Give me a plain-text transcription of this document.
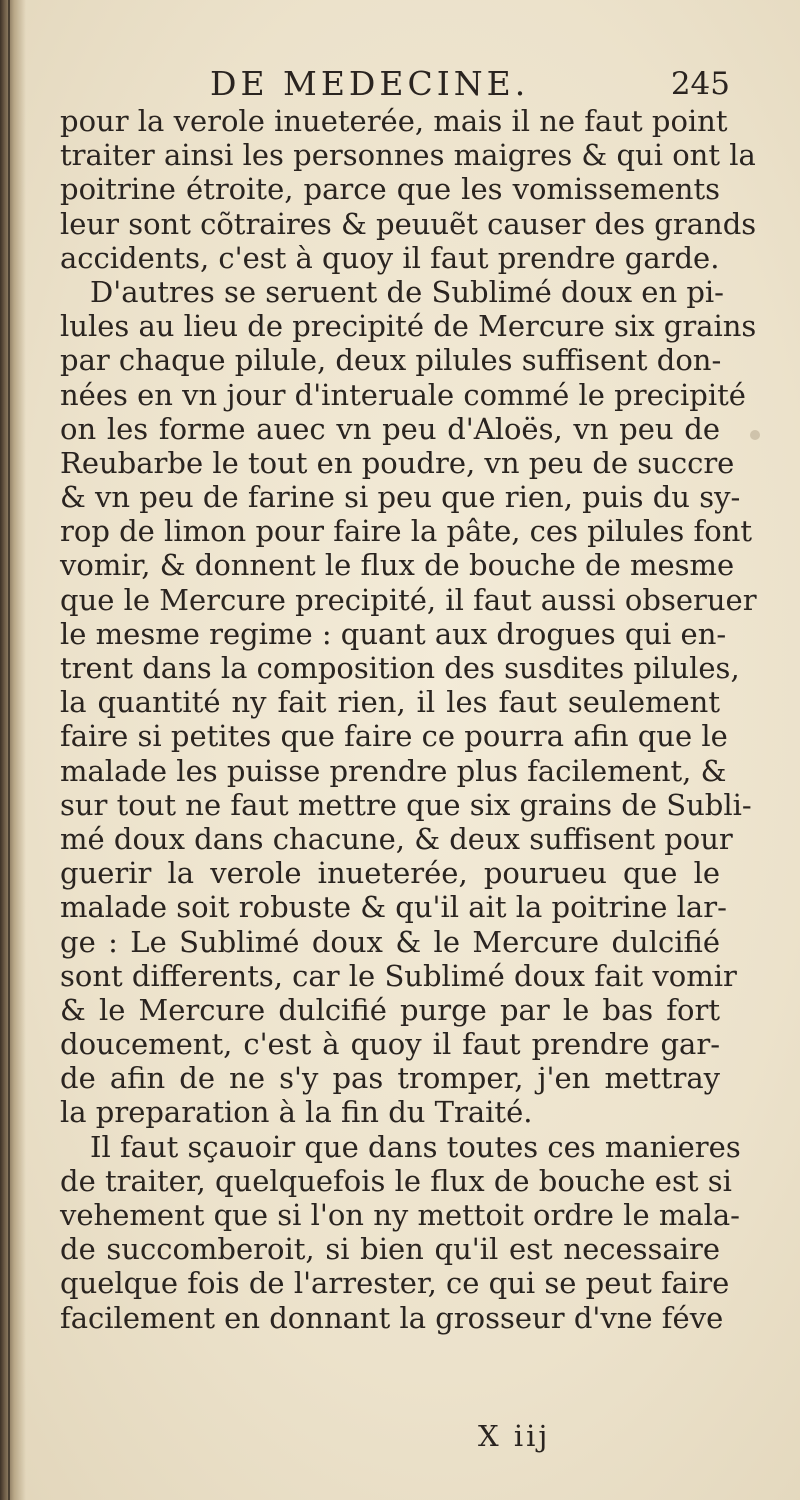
DE MEDECINE.	245
pour la verole inueterée, mais il ne faut point
traiter ainsi les personnes maigres & qui ont la
poitrine étroite, parce que les vomissements
leur sont cõtraires & peuuẽt causer des grands
accidents, c'est à quoy il faut prendre garde.
D'autres se seruent de Sublimé doux en pi-
lules au lieu de precipité de Mercure six grains
par chaque pilule, deux pilules suffisent don-
nées en vn jour d'interuale commé le precipité
on les forme auec vn peu d'Aloës, vn peu de
Reubarbe le tout en poudre, vn peu de succre
& vn peu de farine si peu que rien, puis du sy-
rop de limon pour faire la pâte, ces pilules font
vomir, & donnent le flux de bouche de mesme
que le Mercure precipité, il faut aussi obseruer
le mesme regime : quant aux drogues qui en-
trent dans la composition des susdites pilules,
la quantité ny fait rien, il les faut seulement
faire si petites que faire ce pourra afin que le
malade les puisse prendre plus facilement, &
sur tout ne faut mettre que six grains de Subli-
mé doux dans chacune, & deux suffisent pour
guerir la verole inueterée, pourueu que le
malade soit robuste & qu'il ait la poitrine lar-
ge : Le Sublimé doux & le Mercure dulcifié
sont differents, car le Sublimé doux fait vomir
& le Mercure dulcifié purge par le bas fort
doucement, c'est à quoy il faut prendre gar-
de afin de ne s'y pas tromper, j'en mettray
la preparation à la fin du Traité.
Il faut sçauoir que dans toutes ces manieres
de traiter, quelquefois le flux de bouche est si
vehement que si l'on ny mettoit ordre le mala-
de succomberoit, si bien qu'il est necessaire
quelque fois de l'arrester, ce qui se peut faire
facilement en donnant la grosseur d'vne féve
X iij
